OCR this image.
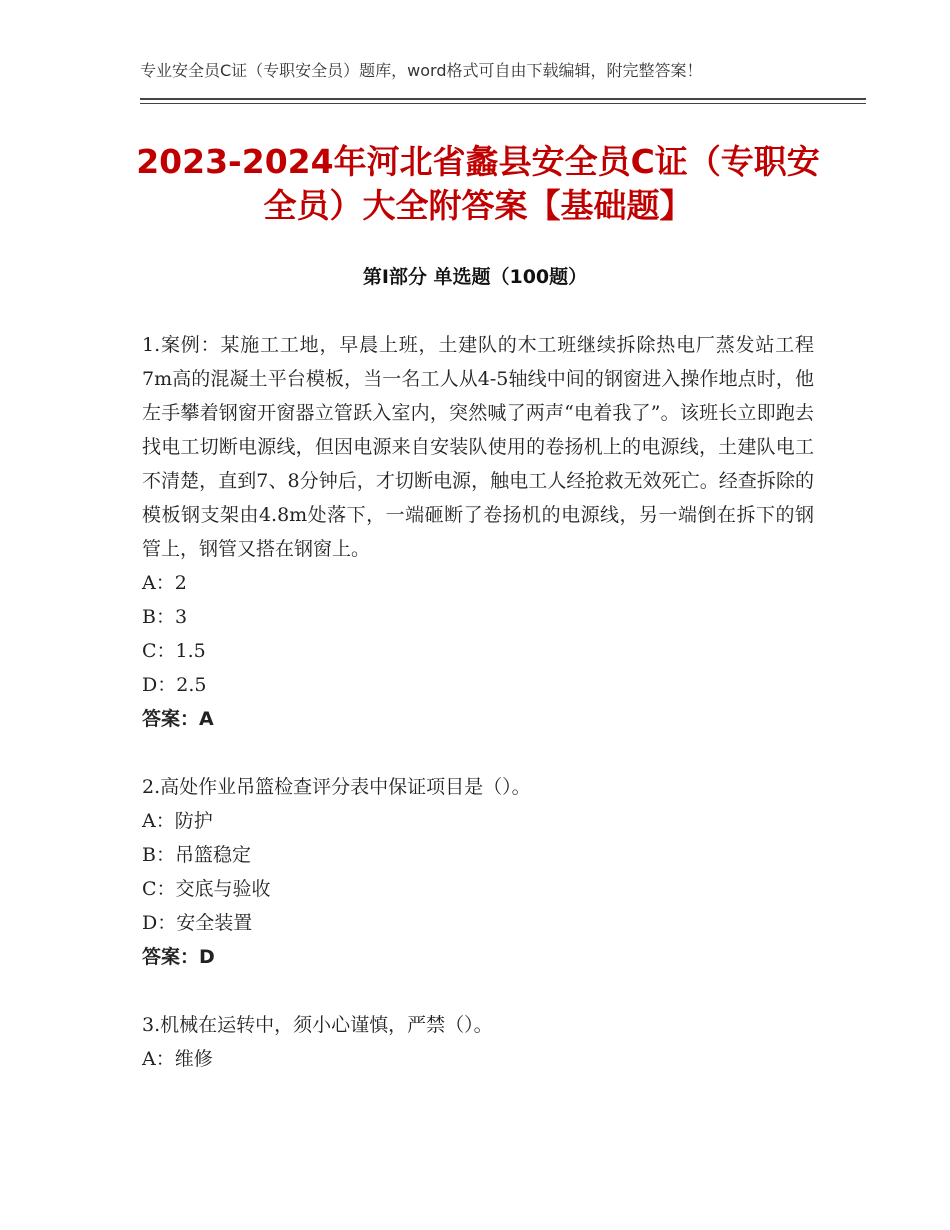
专业安全员C证（专职安全员）题库，word格式可自由下载编辑，附完整答案！
2023-2024年河北省蠡县安全员C证（专职安全员）大全附答案【基础题】
第I部分 单选题（100题）

1.案例：某施工工地，早晨上班，土建队的木工班继续拆除热电厂蒸发站工程7m高的混凝土平台模板，当一名工人从4-5轴线中间的钢窗进入操作地点时，他左手攀着钢窗开窗器立管跃入室内，突然喊了两声“电着我了”。该班长立即跑去找电工切断电源线，但因电源来自安装队使用的卷扬机上的电源线，土建队电工不清楚，直到7、8分钟后，才切断电源，触电工人经抢救无效死亡。经查拆除的模板钢支架由4.8m处落下，一端砸断了卷扬机的电源线，另一端倒在拆下的钢管上，钢管又搭在钢窗上。

A：2
B：3
C：1.5
D：2.5
答案：A

2.高处作业吊篮检查评分表中保证项目是（）。

A：防护
B：吊篮稳定
C：交底与验收
D：安全装置
答案：D

3.机械在运转中，须小心谨慎，严禁（）。

A：维修
